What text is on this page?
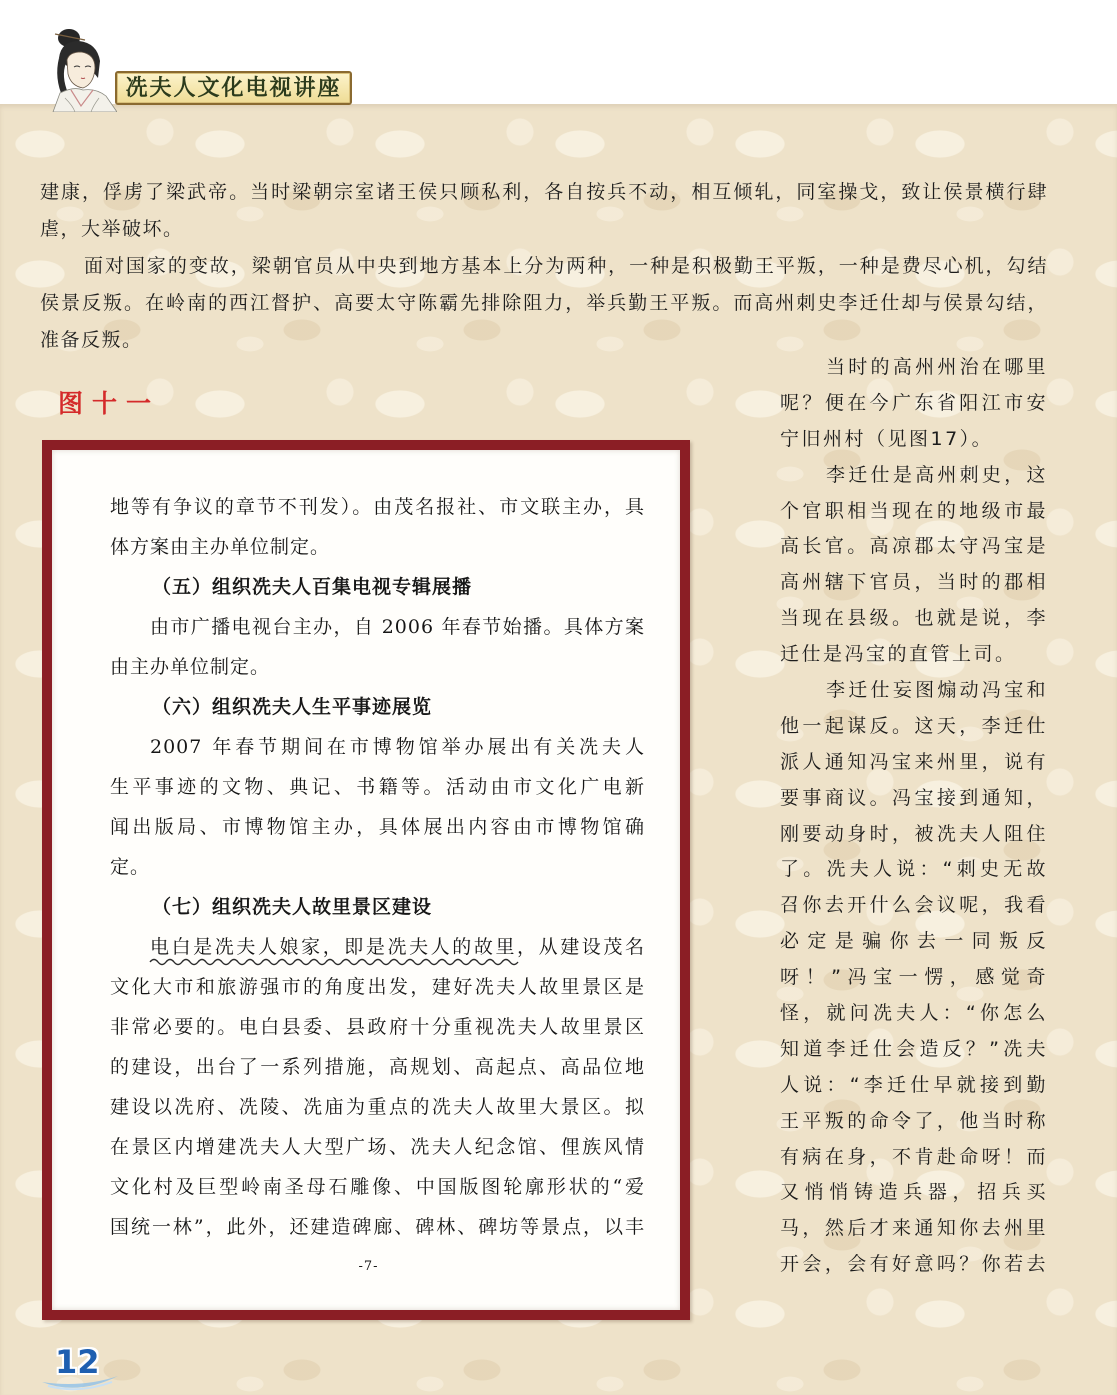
冼夫人文化电视讲座
建康，俘虏了梁武帝。当时梁朝宗室诸王侯只顾私利，各自按兵不动，相互倾轧，同室操戈，致让侯景横行肆
虐，大举破坏。
面对国家的变故，梁朝官员从中央到地方基本上分为两种，一种是积极勤王平叛，一种是费尽心机，勾结
侯景反叛。在岭南的西江督护、高要太守陈霸先排除阻力，举兵勤王平叛。而高州刺史李迁仕却与侯景勾结，
准备反叛。
图十一
地等有争议的章节不刊发）。由茂名报社、市文联主办，具
体方案由主办单位制定。
（五）组织冼夫人百集电视专辑展播
由市广播电视台主办，自 2006 年春节始播。具体方案
由主办单位制定。
（六）组织冼夫人生平事迹展览
2007 年春节期间在市博物馆举办展出有关冼夫人
生平事迹的文物、典记、书籍等。活动由市文化广电新
闻出版局、市博物馆主办，具体展出内容由市博物馆确
定。
（七）组织冼夫人故里景区建设
电白是冼夫人娘家，即是冼夫人的故里，从建设茂名
文化大市和旅游强市的角度出发，建好冼夫人故里景区是
非常必要的。电白县委、县政府十分重视冼夫人故里景区
的建设，出台了一系列措施，高规划、高起点、高品位地
建设以冼府、冼陵、冼庙为重点的冼夫人故里大景区。拟
在景区内增建冼夫人大型广场、冼夫人纪念馆、俚族风情
文化村及巨型岭南圣母石雕像、中国版图轮廓形状的“爱
国统一林”，此外，还建造碑廊、碑林、碑坊等景点，以丰
-7-
当时的高州州治在哪里
呢？便在今广东省阳江市安
宁旧州村（见图17）。
李迁仕是高州刺史，这
个官职相当现在的地级市最
高长官。高凉郡太守冯宝是
高州辖下官员，当时的郡相
当现在县级。也就是说，李
迁仕是冯宝的直管上司。
李迁仕妄图煽动冯宝和
他一起谋反。这天，李迁仕
派人通知冯宝来州里，说有
要事商议。冯宝接到通知，
刚要动身时，被冼夫人阻住
了。冼夫人说：“刺史无故
召你去开什么会议呢，我看
必定是骗你去一同叛反
呀！”冯宝一愣，感觉奇
怪，就问冼夫人：“你怎么
知道李迁仕会造反？”冼夫
人说：“李迁仕早就接到勤
王平叛的命令了，他当时称
有病在身，不肯赴命呀！而
又悄悄铸造兵器，招兵买
马，然后才来通知你去州里
开会，会有好意吗？你若去
12
